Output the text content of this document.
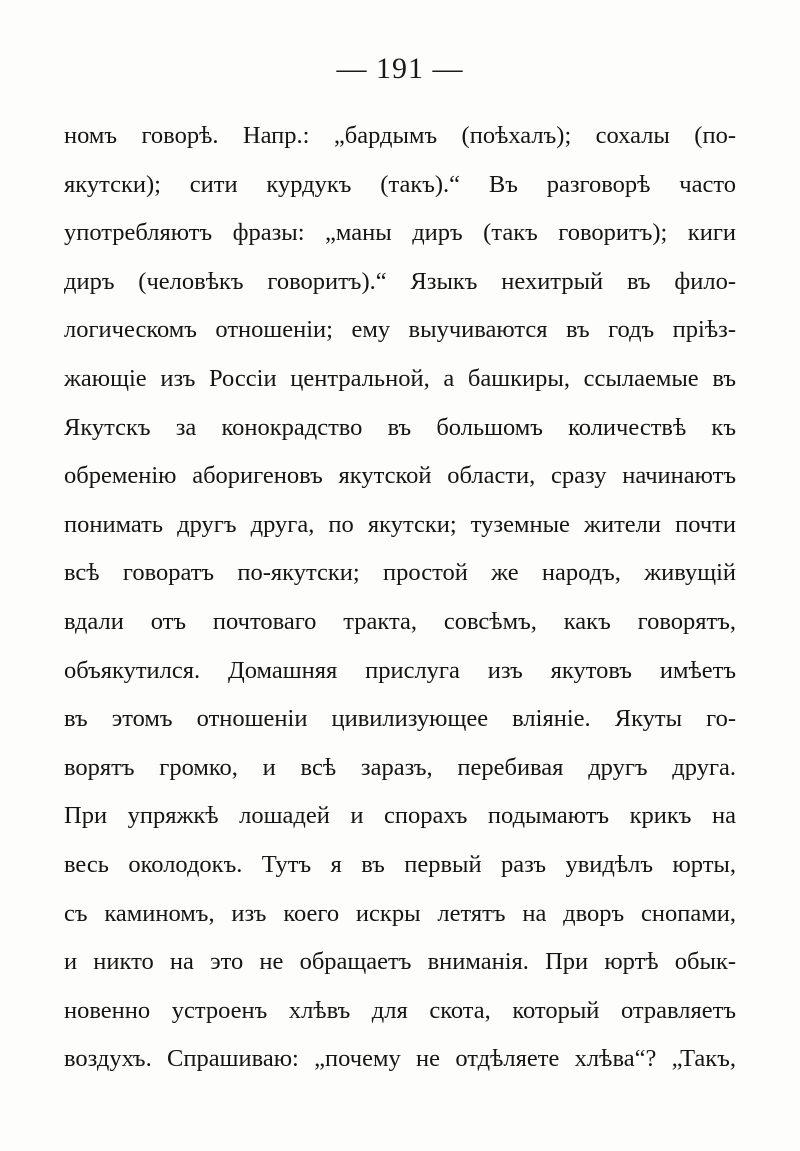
— 191 —
номъ говорѣ. Напр.: „бардымъ (поѣхалъ); сохалы (по-
якутски); сити курдукъ (такъ).“ Въ разговорѣ часто
употребляютъ фразы: „маны диръ (такъ говоритъ); киги
диръ (человѣкъ говоритъ).“ Языкъ нехитрый въ фило-
логическомъ отношеніи; ему выучиваются въ годъ пріѣз-
жающіе изъ Россіи центральной, а башкиры, ссылаемые въ
Якутскъ за конокрадство въ большомъ количествѣ къ
обремeнію аборигеновъ якутской области, сразу начинаютъ
понимать другъ друга, по якутски; туземные жители почти
всѣ говоратъ по-якутски; простой же народъ, живущій
вдали отъ почтоваго тракта, совсѣмъ, какъ говорятъ,
объякутился. Домашняя прислуга изъ якутовъ имѣетъ
въ этомъ отношеніи цивилизующее вліяніе. Якуты го-
ворятъ громко, и всѣ заразъ, перебивая другъ друга.
При упряжкѣ лошадей и спорахъ подымаютъ крикъ на
весь околодокъ. Тутъ я въ первый разъ увидѣлъ юрты,
съ каминомъ, изъ коего искры летятъ на дворъ снопами,
и никто на это не обращаетъ вниманія. При юртѣ обык-
новенно устроенъ хлѣвъ для скота, который отравляетъ
воздухъ. Спрашиваю: „почему не отдѣляете хлѣва“? „Такъ,
